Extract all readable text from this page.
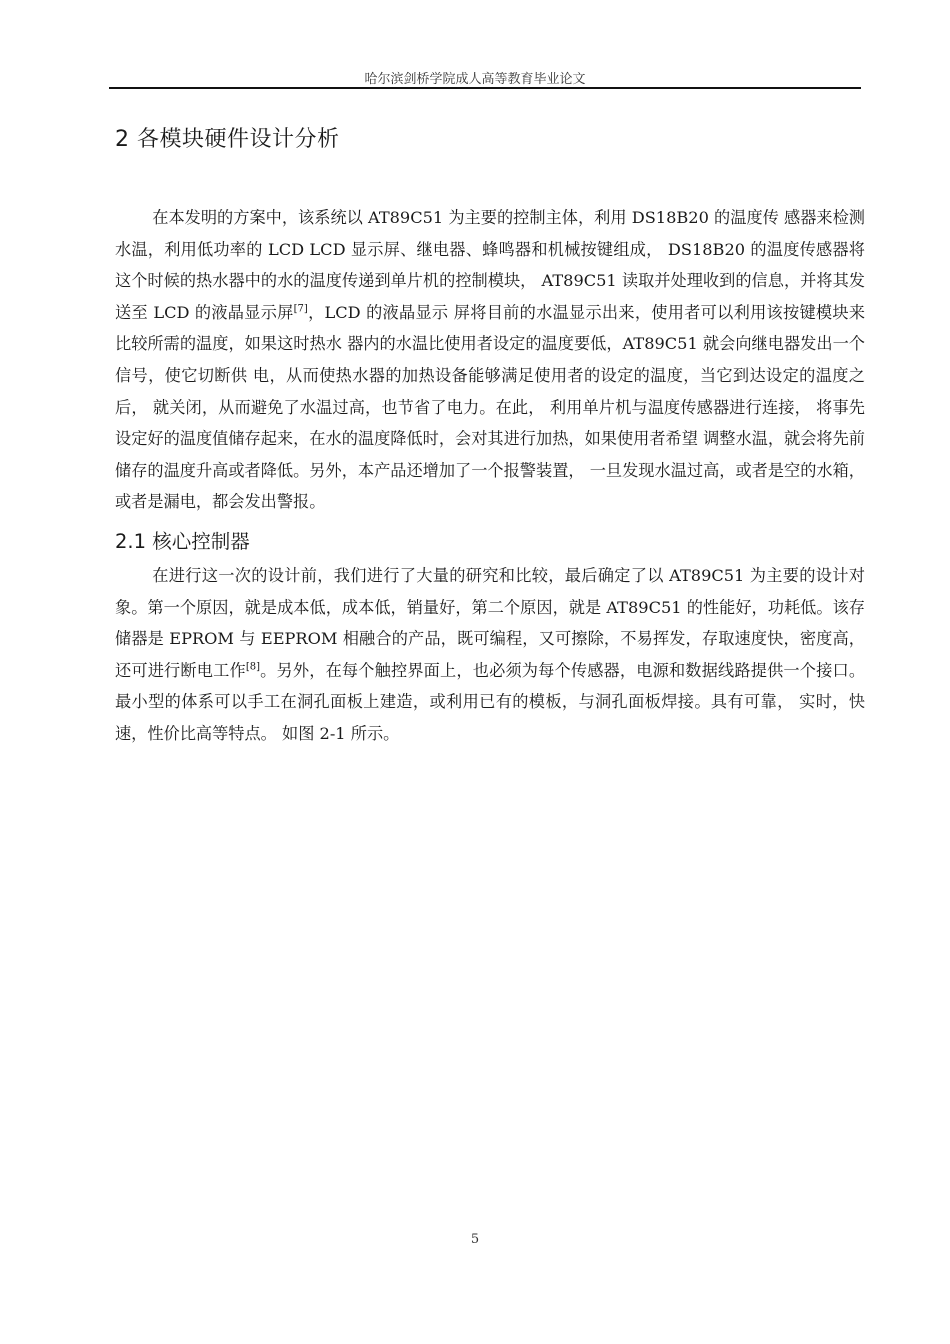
哈尔滨剑桥学院成人高等教育毕业论文
2 各模块硬件设计分析

在本发明的方案中，该系统以 AT89C51 为主要的控制主体，利用 DS18B20 的温度传 感器来检测水温，利用低功率的 LCD LCD 显示屏、继电器、蜂鸣器和机械按键组成， DS18B20 的温度传感器将这个时候的热水器中的水的温度传递到单片机的控制模块， AT89C51 读取并处理收到的信息，并将其发送至 LCD 的液晶显示屏[7]，LCD 的液晶显示 屏将目前的水温显示出来，使用者可以利用该按键模块来比较所需的温度，如果这时热水 器内的水温比使用者设定的温度要低，AT89C51 就会向继电器发出一个信号，使它切断供 电，从而使热水器的加热设备能够满足使用者的设定的温度，当它到达设定的温度之后， 就关闭，从而避免了水温过高，也节省了电力。在此， 利用单片机与温度传感器进行连接， 将事先设定好的温度值储存起来，在水的温度降低时，会对其进行加热，如果使用者希望 调整水温，就会将先前储存的温度升高或者降低。另外，本产品还增加了一个报警装置， 一旦发现水温过高，或者是空的水箱，或者是漏电，都会发出警报。

2.1 核心控制器

在进行这一次的设计前，我们进行了大量的研究和比较，最后确定了以 AT89C51 为主要的设计对象。第一个原因，就是成本低，成本低，销量好，第二个原因，就是 AT89C51 的性能好，功耗低。该存储器是 EPROM 与 EEPROM 相融合的产品，既可编程，又可擦除，不易挥发，存取速度快，密度高，还可进行断电工作[8]。另外，在每个触控界面上，也必须为每个传感器，电源和数据线路提供一个接口。最小型的体系可以手工在洞孔面板上建造，或利用已有的模板，与洞孔面板焊接。具有可靠， 实时，快速，性价比高等特点。 如图 2-1 所示。

5
